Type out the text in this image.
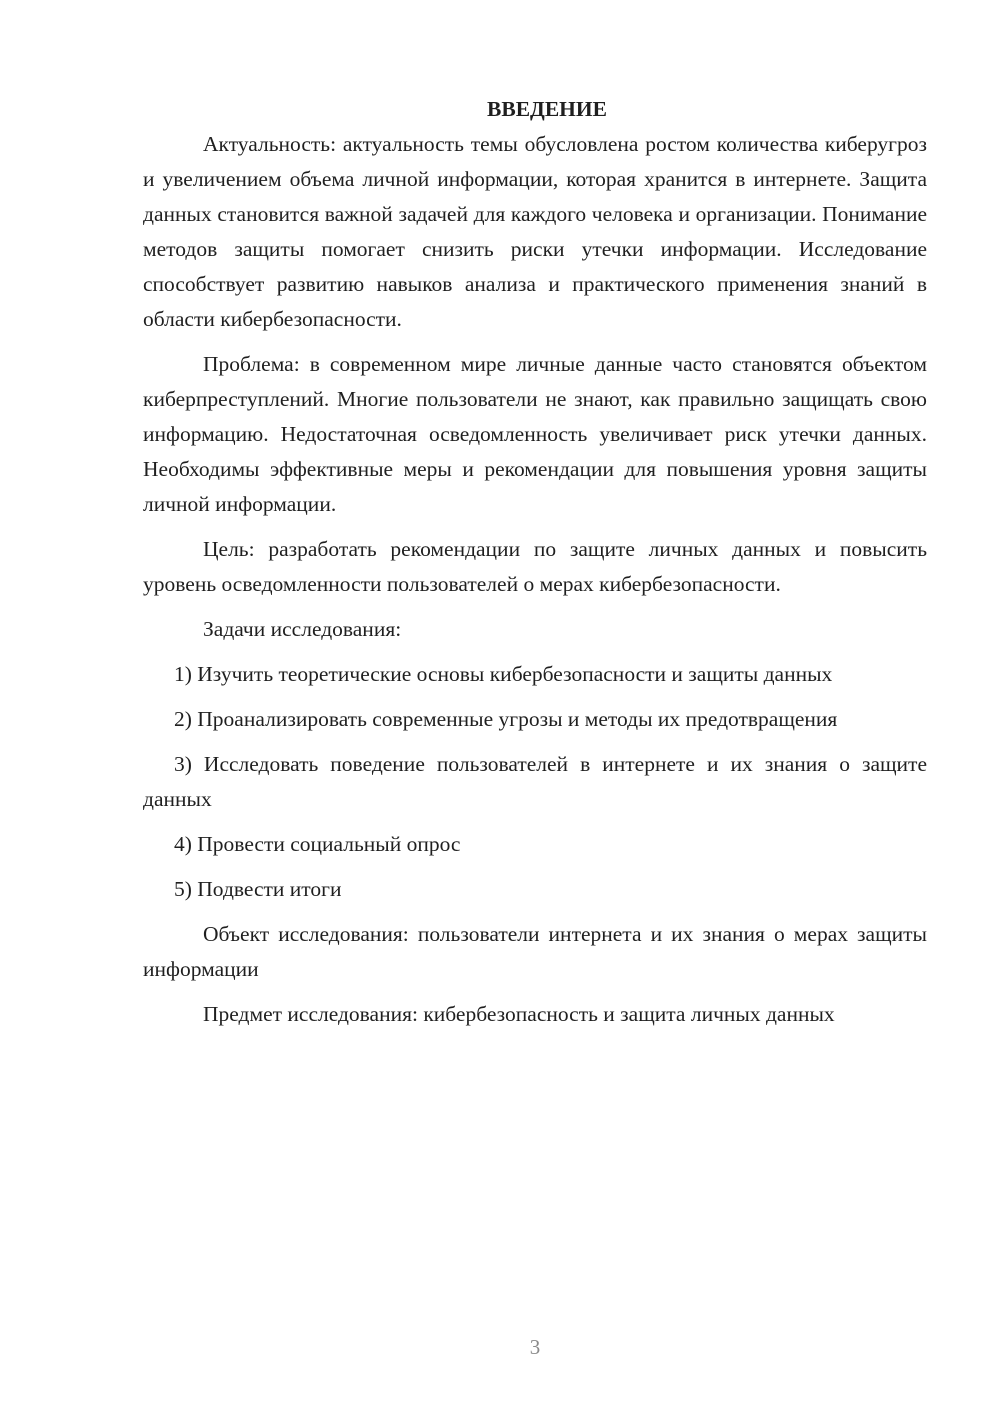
ВВЕДЕНИЕ

Актуальность: актуальность темы обусловлена ростом количества киберугроз и увеличением объема личной информации, которая хранится в интернете. Защита данных становится важной задачей для каждого человека и организации. Понимание методов защиты помогает снизить риски утечки информации. Исследование способствует развитию навыков анализа и практического применения знаний в области кибербезопасности.

Проблема: в современном мире личные данные часто становятся объектом киберпреступлений. Многие пользователи не знают, как правильно защищать свою информацию. Недостаточная осведомленность увеличивает риск утечки данных. Необходимы эффективные меры и рекомендации для повышения уровня защиты личной информации.

Цель: разработать рекомендации по защите личных данных и повысить уровень осведомленности пользователей о мерах кибербезопасности.

Задачи исследования:

1) Изучить теоретические основы кибербезопасности и защиты данных

2) Проанализировать современные угрозы и методы их предотвращения

3) Исследовать поведение пользователей в интернете и их знания о защите данных

4) Провести социальный опрос

5) Подвести итоги

Объект исследования: пользователи интернета и их знания о мерах защиты информации

Предмет исследования: кибербезопасность и защита личных данных

3
